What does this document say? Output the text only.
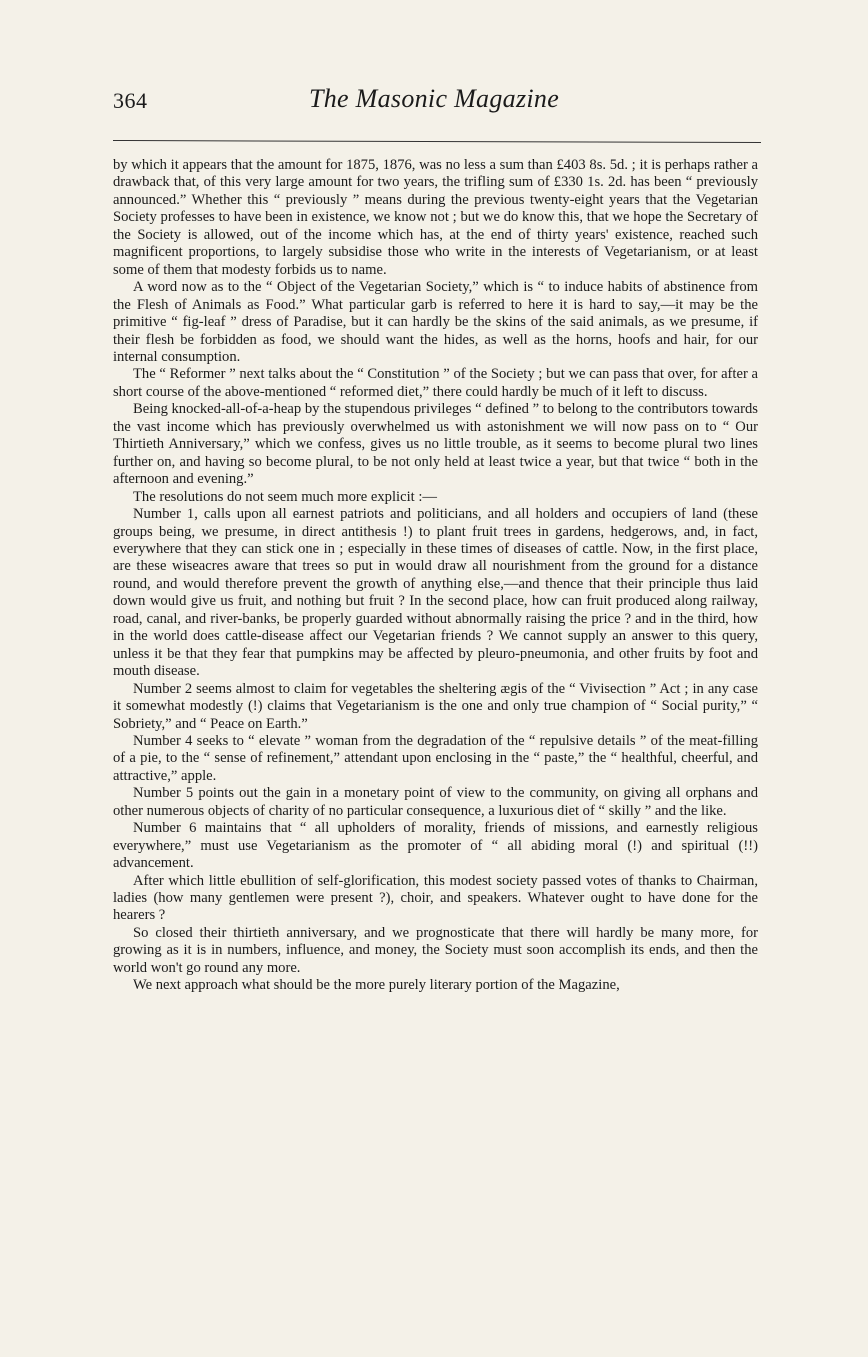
364	The Masonic Magazine

by which it appears that the amount for 1875, 1876, was no less a sum than £403 8s. 5d. ; it is perhaps rather a drawback that, of this very large amount for two years, the trifling sum of £330 1s. 2d. has been “ previously announced.” Whether this “ previously ” means during the previous twenty-eight years that the Vegetarian Society professes to have been in existence, we know not ; but we do know this, that we hope the Secretary of the Society is allowed, out of the income which has, at the end of thirty years' existence, reached such magnificent proportions, to largely subsidise those who write in the interests of Vegetarianism, or at least some of them that modesty forbids us to name.

A word now as to the “ Object of the Vegetarian Society,” which is “ to induce habits of abstinence from the Flesh of Animals as Food.” What particular garb is referred to here it is hard to say,—it may be the primitive “ fig-leaf ” dress of Paradise, but it can hardly be the skins of the said animals, as we presume, if their flesh be forbidden as food, we should want the hides, as well as the horns, hoofs and hair, for our internal consumption.

The “ Reformer ” next talks about the “ Constitution ” of the Society ; but we can pass that over, for after a short course of the above-mentioned “ reformed diet,” there could hardly be much of it left to discuss.

Being knocked-all-of-a-heap by the stupendous privileges “ defined ” to belong to the contributors towards the vast income which has previously overwhelmed us with astonishment we will now pass on to “ Our Thirtieth Anniversary,” which we confess, gives us no little trouble, as it seems to become plural two lines further on, and having so become plural, to be not only held at least twice a year, but that twice “ both in the afternoon and evening.”

The resolutions do not seem much more explicit :—

Number 1, calls upon all earnest patriots and politicians, and all holders and occupiers of land (these groups being, we presume, in direct antithesis !) to plant fruit trees in gardens, hedgerows, and, in fact, everywhere that they can stick one in ; especially in these times of diseases of cattle. Now, in the first place, are these wiseacres aware that trees so put in would draw all nourishment from the ground for a distance round, and would therefore prevent the growth of anything else,—and thence that their principle thus laid down would give us fruit, and nothing but fruit ? In the second place, how can fruit produced along railway, road, canal, and river-banks, be properly guarded without abnormally raising the price ? and in the third, how in the world does cattle-disease affect our Vegetarian friends ? We cannot supply an answer to this query, unless it be that they fear that pumpkins may be affected by pleuro-pneumonia, and other fruits by foot and mouth disease.

Number 2 seems almost to claim for vegetables the sheltering ægis of the “ Vivisection ” Act ; in any case it somewhat modestly (!) claims that Vegetarianism is the one and only true champion of “ Social purity,” “ Sobriety,” and “ Peace on Earth.”

Number 4 seeks to “ elevate ” woman from the degradation of the “ repulsive details ” of the meat-filling of a pie, to the “ sense of refinement,” attendant upon enclosing in the “ paste,” the “ healthful, cheerful, and attractive,” apple.

Number 5 points out the gain in a monetary point of view to the community, on giving all orphans and other numerous objects of charity of no particular consequence, a luxurious diet of “ skilly ” and the like.

Number 6 maintains that “ all upholders of morality, friends of missions, and earnestly religious everywhere,” must use Vegetarianism as the promoter of “ all abiding moral (!) and spiritual (!!) advancement.

After which little ebullition of self-glorification, this modest society passed votes of thanks to Chairman, ladies (how many gentlemen were present ?), choir, and speakers. Whatever ought to have done for the hearers ?

So closed their thirtieth anniversary, and we prognosticate that there will hardly be many more, for growing as it is in numbers, influence, and money, the Society must soon accomplish its ends, and then the world won't go round any more.

We next approach what should be the more purely literary portion of the Magazine,
